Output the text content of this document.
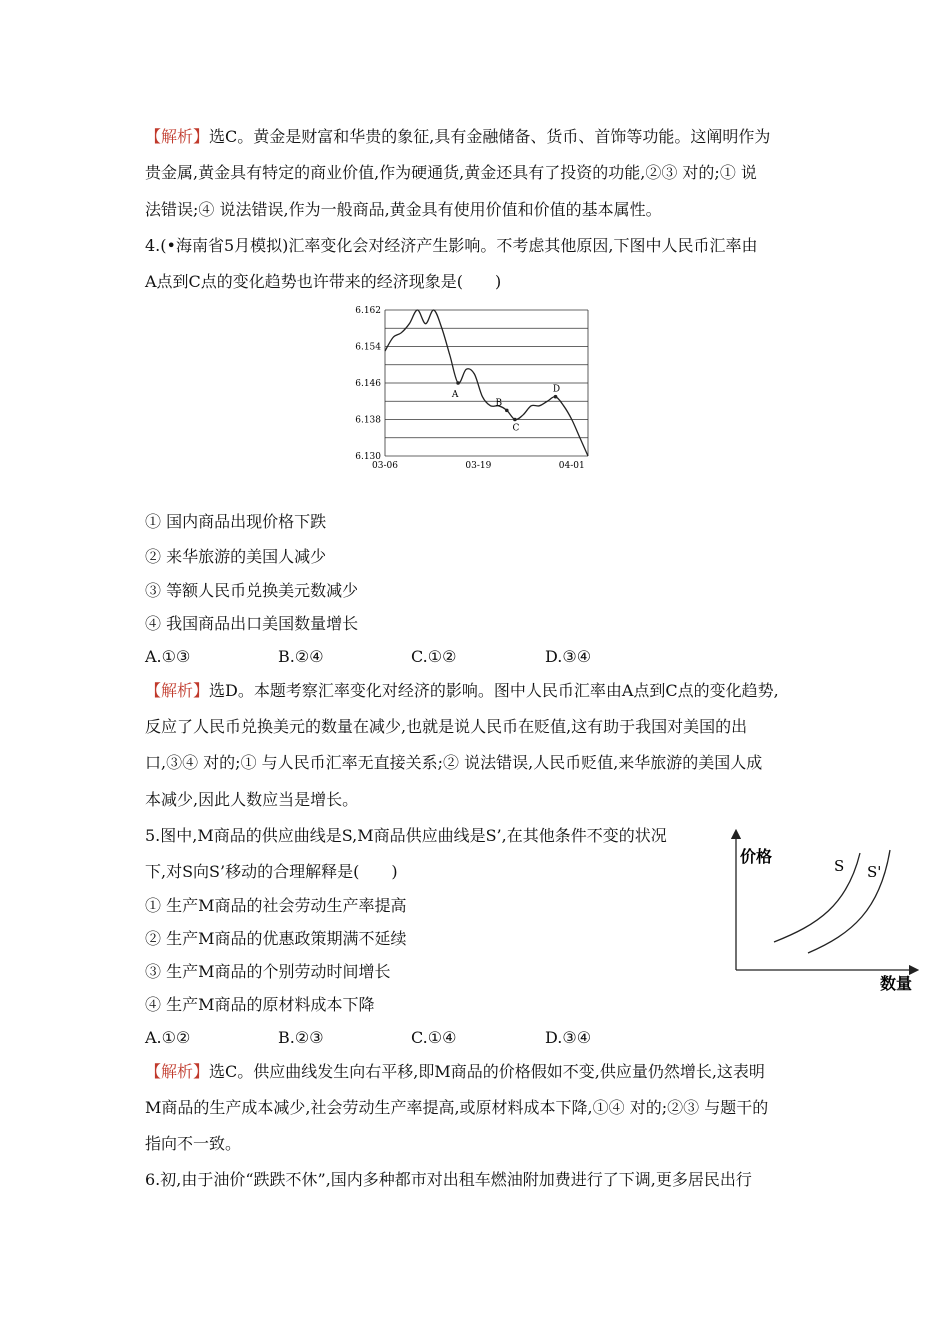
【解析】选C。黄金是财富和华贵的象征,具有金融储备、货币、首饰等功能。这阐明作为
贵金属,黄金具有特定的商业价值,作为硬通货,黄金还具有了投资的功能,②③ 对的;① 说
法错误;④ 说法错误,作为一般商品,黄金具有使用价值和价值的基本属性。
4.(•海南省5月模拟)汇率变化会对经济产生影响。不考虑其他原因,下图中人民币汇率由
A点到C点的变化趋势也许带来的经济现象是(　　)
6.162
6.154
6.146
6.138
6.130
03-06	03-19	04-01
A
B
C
D
① 国内商品出现价格下跌
② 来华旅游的美国人减少
③ 等额人民币兑换美元数减少
④ 我国商品出口美国数量增长
A.①③	B.②④	C.①②	D.③④
【解析】选D。本题考察汇率变化对经济的影响。图中人民币汇率由A点到C点的变化趋势,
反应了人民币兑换美元的数量在减少,也就是说人民币在贬值,这有助于我国对美国的出
口,③④ 对的;① 与人民币汇率无直接关系;② 说法错误,人民币贬值,来华旅游的美国人成
本减少,因此人数应当是增长。
5.图中,M商品的供应曲线是S,M商品供应曲线是S’,在其他条件不变的状况
下,对S向S’移动的合理解释是(　　)
价格
数量
S S'
① 生产M商品的社会劳动生产率提高
② 生产M商品的优惠政策期满不延续
③ 生产M商品的个别劳动时间增长
④ 生产M商品的原材料成本下降
A.①②	B.②③	C.①④	D.③④
【解析】选C。供应曲线发生向右平移,即M商品的价格假如不变,供应量仍然增长,这表明
M商品的生产成本减少,社会劳动生产率提高,或原材料成本下降,①④ 对的;②③ 与题干的
指向不一致。
6.初,由于油价“跌跌不休”,国内多种都市对出租车燃油附加费进行了下调,更多居民出行
